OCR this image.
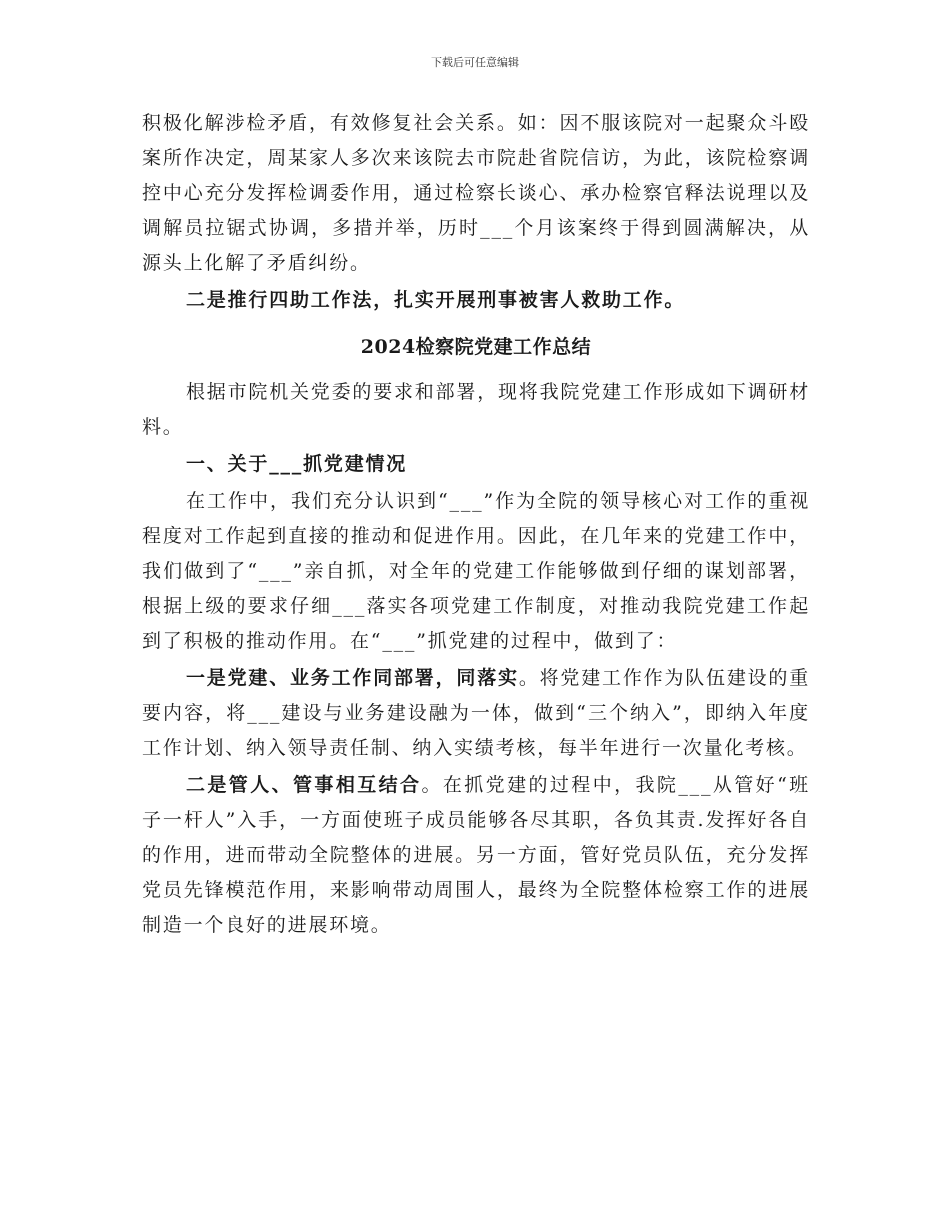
下载后可任意编辑

积极化解涉检矛盾，有效修复社会关系。如：因不服该院对一起聚众斗殴案所作决定，周某家人多次来该院去市院赴省院信访，为此，该院检察调控中心充分发挥检调委作用，通过检察长谈心、承办检察官释法说理以及调解员拉锯式协调，多措并举，历时___个月该案终于得到圆满解决，从源头上化解了矛盾纠纷。

二是推行四助工作法，扎实开展刑事被害人救助工作。

2024检察院党建工作总结

根据市院机关党委的要求和部署，现将我院党建工作形成如下调研材料。

一、关于___抓党建情况

在工作中，我们充分认识到“___”作为全院的领导核心对工作的重视程度对工作起到直接的推动和促进作用。因此，在几年来的党建工作中，我们做到了“___”亲自抓，对全年的党建工作能够做到仔细的谋划部署，根据上级的要求仔细___落实各项党建工作制度，对推动我院党建工作起到了积极的推动作用。在“___”抓党建的过程中，做到了：

一是党建、业务工作同部署，同落实。将党建工作作为队伍建设的重要内容，将___建设与业务建设融为一体，做到“三个纳入”，即纳入年度工作计划、纳入领导责任制、纳入实绩考核，每半年进行一次量化考核。

二是管人、管事相互结合。在抓党建的过程中，我院___从管好“班子一杆人”入手，一方面使班子成员能够各尽其职，各负其责.发挥好各自的作用，进而带动全院整体的进展。另一方面，管好党员队伍，充分发挥党员先锋模范作用，来影响带动周围人，最终为全院整体检察工作的进展制造一个良好的进展环境。
